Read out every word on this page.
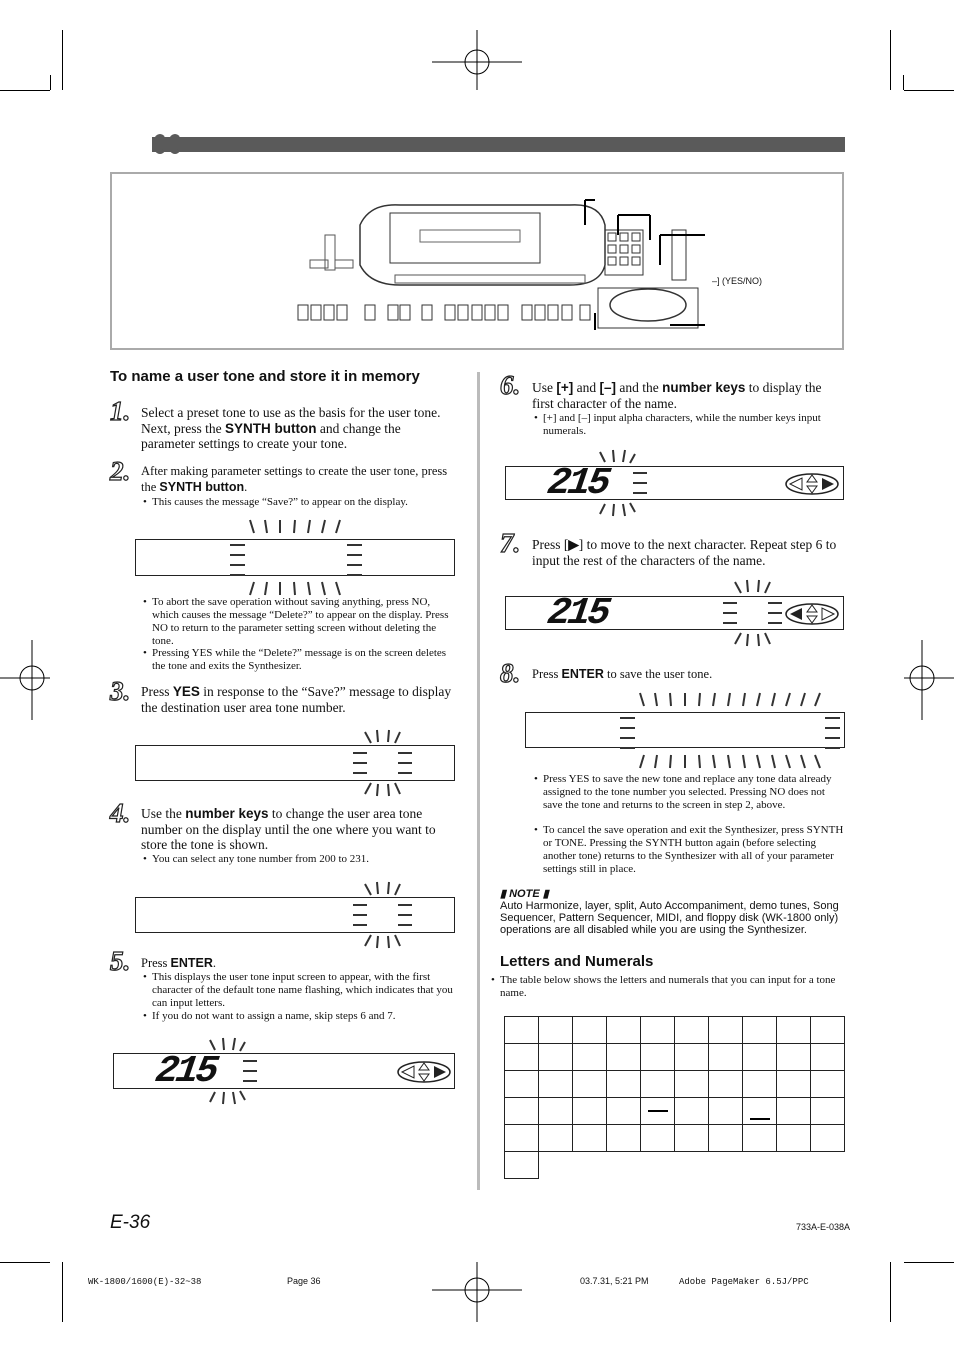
–] (YES/NO)
To name a user tone and store it in memory
1. Select a preset tone to use as the basis for the user tone. Next, press the SYNTH button and change the parameter settings to create your tone.
2. After making parameter settings to create the user tone, press the SYNTH button.
• This causes the message “Save?” to appear on the display.
• To abort the save operation without saving anything, press NO, which causes the message “Delete?” to appear on the display. Press NO to return to the parameter setting screen without deleting the tone.
• Pressing YES while the “Delete?” message is on the screen deletes the tone and exits the Synthesizer.
3. Press YES in response to the “Save?” message to display the destination user area tone number.
4. Use the number keys to change the user area tone number on the display until the one where you want to store the tone is shown.
• You can select any tone number from 200 to 231.
5. Press ENTER.
• This displays the user tone input screen to appear, with the first character of the default tone name flashing, which indicates that you can input letters.
• If you do not want to assign a name, skip steps 6 and 7.
215
6. Use [+] and [–] and the number keys to display the first character of the name.
• [+] and [–] input alpha characters, while the number keys input numerals.
215
7. Press [▶] to move to the next character. Repeat step 6 to input the rest of the characters of the name.
215
8. Press ENTER to save the user tone.
• Press YES to save the new tone and replace any tone data already assigned to the tone number you selected. Pressing NO does not save the tone and returns to the screen in step 2, above.
• To cancel the save operation and exit the Synthesizer, press SYNTH or TONE. Pressing the SYNTH button again (before selecting another tone) returns to the Synthesizer with all of your parameter settings still in place.
▮ NOTE ▮
Auto Harmonize, layer, split, Auto Accompaniment, demo tunes, Song Sequencer, Pattern Sequencer, MIDI, and floppy disk (WK-1800 only) operations are all disabled while you are using the Synthesizer.
Letters and Numerals
• The table below shows the letters and numerals that you can input for a tone name.

E-36	733A-E-038A
WK-1800/1600(E)-32~38	Page 36	03.7.31, 5:21 PM	Adobe PageMaker 6.5J/PPC
